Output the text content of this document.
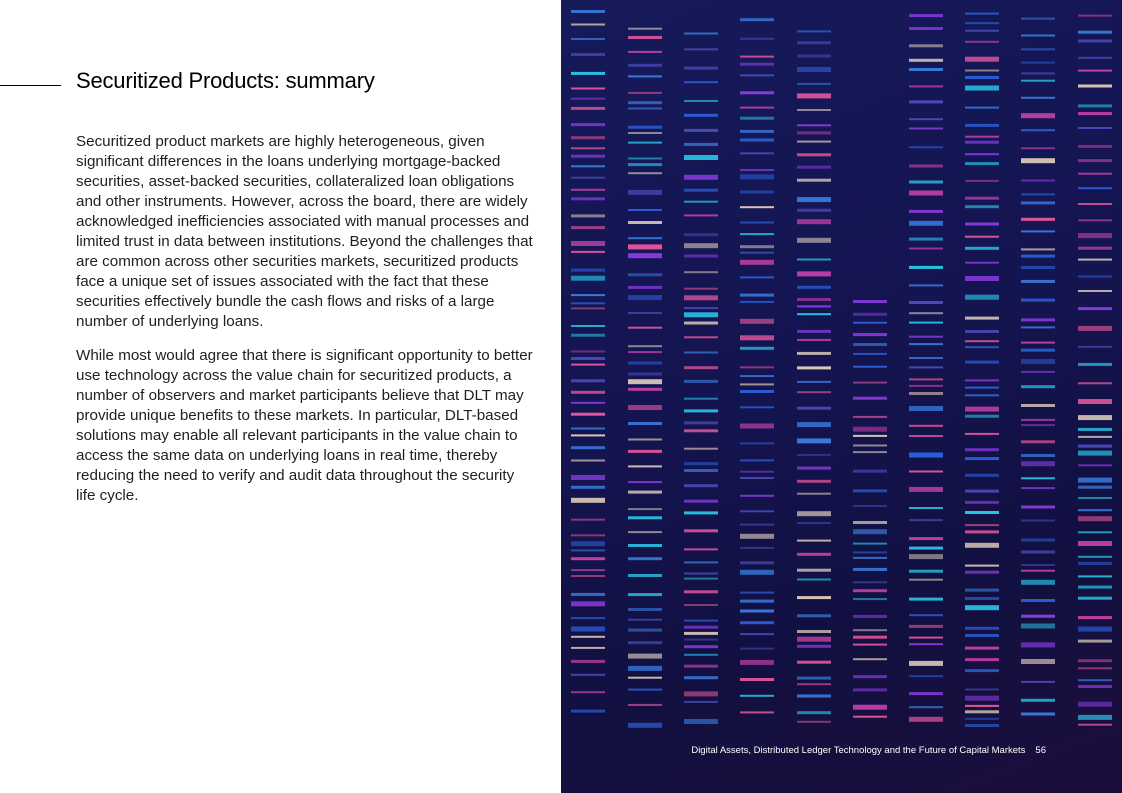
Securitized Products: summary

Securitized product markets are highly heterogeneous, given significant differences in the loans underlying mortgage-backed securities, asset-backed securities, collateralized loan obligations and other instruments. However, across the board, there are widely acknowledged inefficiencies associated with manual processes and limited trust in data between institutions. Beyond the challenges that are common across other securities markets, securitized products face a unique set of issues associated with the fact that these securities effectively bundle the cash flows and risks of a large number of underlying loans.

While most would agree that there is significant opportunity to better use technology across the value chain for securitized products, a number of observers and market participants believe that DLT may provide unique benefits to these markets. In particular, DLT-based solutions may enable all relevant participants in the value chain to access the same data on underlying loans in real time, thereby reducing the need to verify and audit data throughout the security life cycle.

Digital Assets, Distributed Ledger Technology and the Future of Capital Markets 56
